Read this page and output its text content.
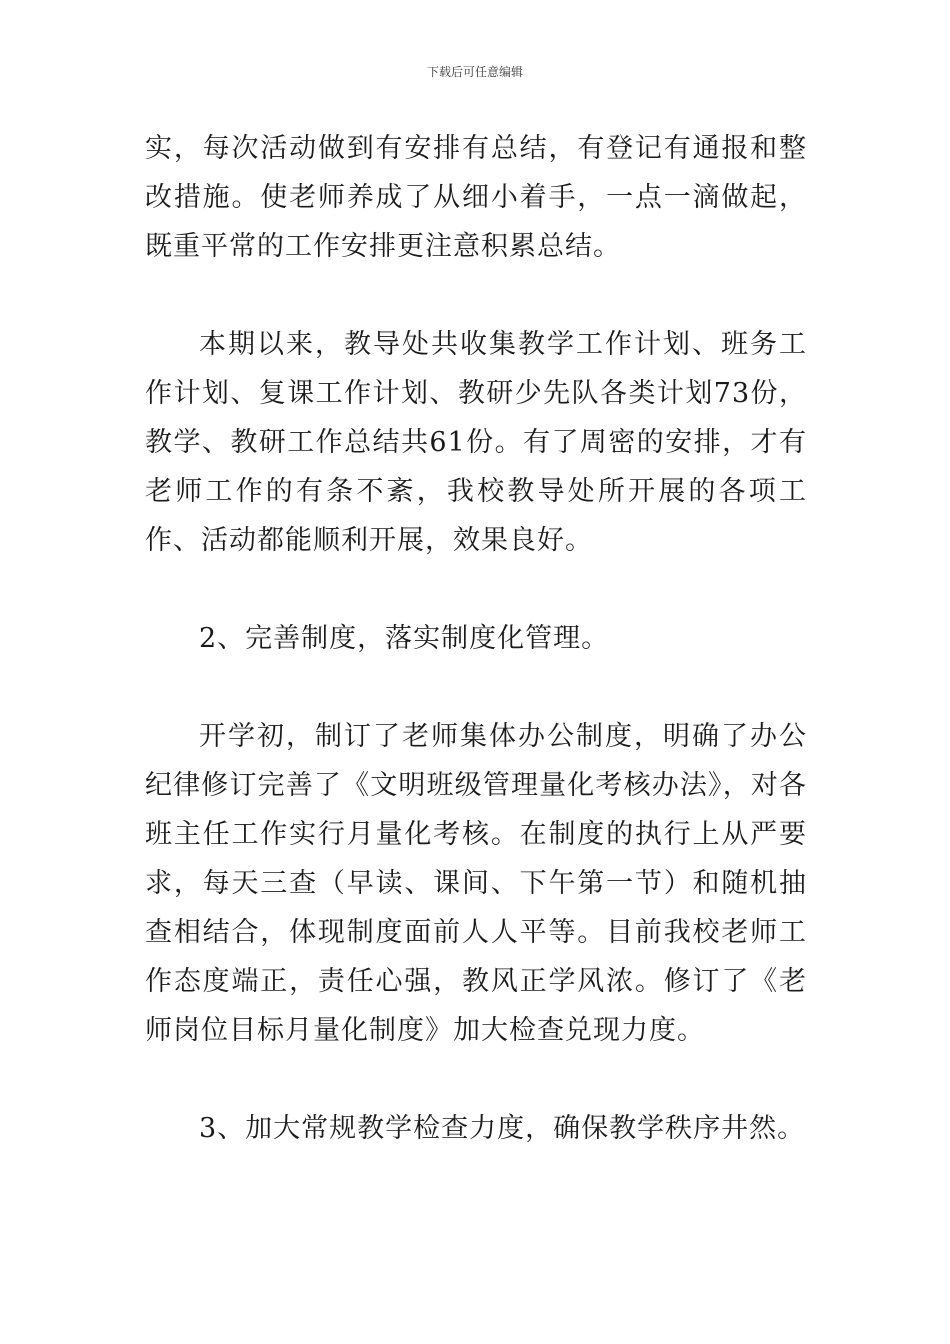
下载后可任意编辑

实，每次活动做到有安排有总结，有登记有通报和整改措施。使老师养成了从细小着手，一点一滴做起，既重平常的工作安排更注意积累总结。

本期以来，教导处共收集教学工作计划、班务工作计划、复课工作计划、教研少先队各类计划73份，教学、教研工作总结共61份。有了周密的安排，才有老师工作的有条不紊，我校教导处所开展的各项工作、活动都能顺利开展，效果良好。

2、完善制度，落实制度化管理。

开学初，制订了老师集体办公制度，明确了办公纪律修订完善了《文明班级管理量化考核办法》，对各班主任工作实行月量化考核。在制度的执行上从严要求，每天三查（早读、课间、下午第一节）和随机抽查相结合，体现制度面前人人平等。目前我校老师工作态度端正，责任心强，教风正学风浓。修订了《老师岗位目标月量化制度》加大检查兑现力度。

3、加大常规教学检查力度，确保教学秩序井然。
